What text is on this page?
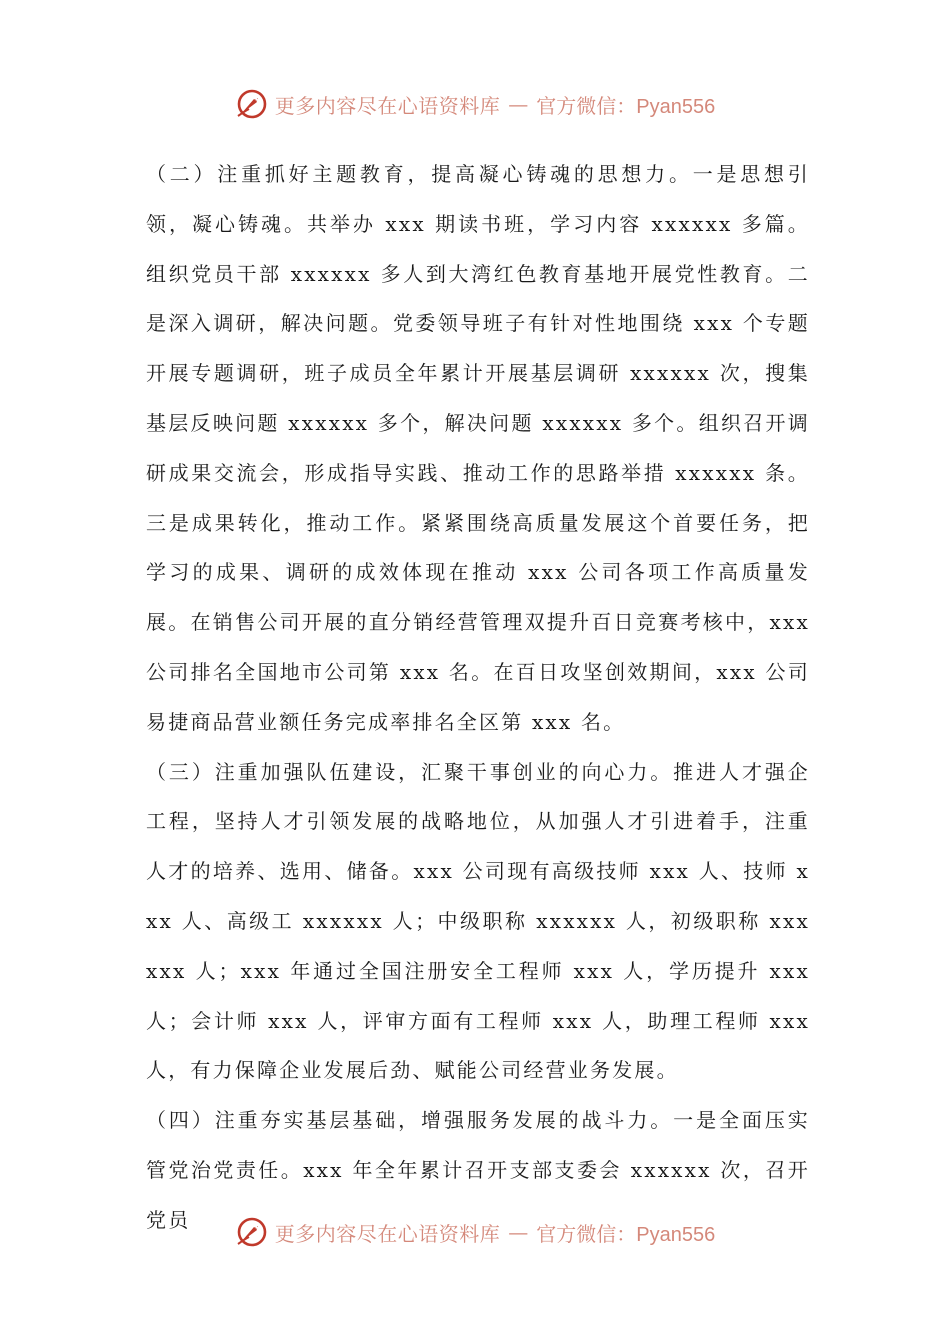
更多内容尽在心语资料库 — 官方微信：Pyan556

（二）注重抓好主题教育，提高凝心铸魂的思想力。一是思想引领，凝心铸魂。共举办 xxx 期读书班，学习内容 xxxxxx 多篇。组织党员干部 xxxxxx 多人到大湾红色教育基地开展党性教育。二是深入调研，解决问题。党委领导班子有针对性地围绕 xxx 个专题开展专题调研，班子成员全年累计开展基层调研 xxxxxx 次，搜集基层反映问题 xxxxxx 多个，解决问题 xxxxxx 多个。组织召开调研成果交流会，形成指导实践、推动工作的思路举措 xxxxxx 条。三是成果转化，推动工作。紧紧围绕高质量发展这个首要任务，把学习的成果、调研的成效体现在推动 xxx 公司各项工作高质量发展。在销售公司开展的直分销经营管理双提升百日竞赛考核中，xxx 公司排名全国地市公司第 xxx 名。在百日攻坚创效期间，xxx 公司易捷商品营业额任务完成率排名全区第 xxx 名。

（三）注重加强队伍建设，汇聚干事创业的向心力。推进人才强企工程，坚持人才引领发展的战略地位，从加强人才引进着手，注重人才的培养、选用、储备。xxx 公司现有高级技师 xxx 人、技师 xxx 人、高级工 xxxxxx 人；中级职称 xxxxxx 人，初级职称 xxxxxx 人；xxx 年通过全国注册安全工程师 xxx 人，学历提升 xxx 人；会计师 xxx 人，评审方面有工程师 xxx 人，助理工程师 xxx 人，有力保障企业发展后劲、赋能公司经营业务发展。

（四）注重夯实基层基础，增强服务发展的战斗力。一是全面压实管党治党责任。xxx 年全年累计召开支部支委会 xxxxxx 次，召开党员

更多内容尽在心语资料库 — 官方微信：Pyan556
